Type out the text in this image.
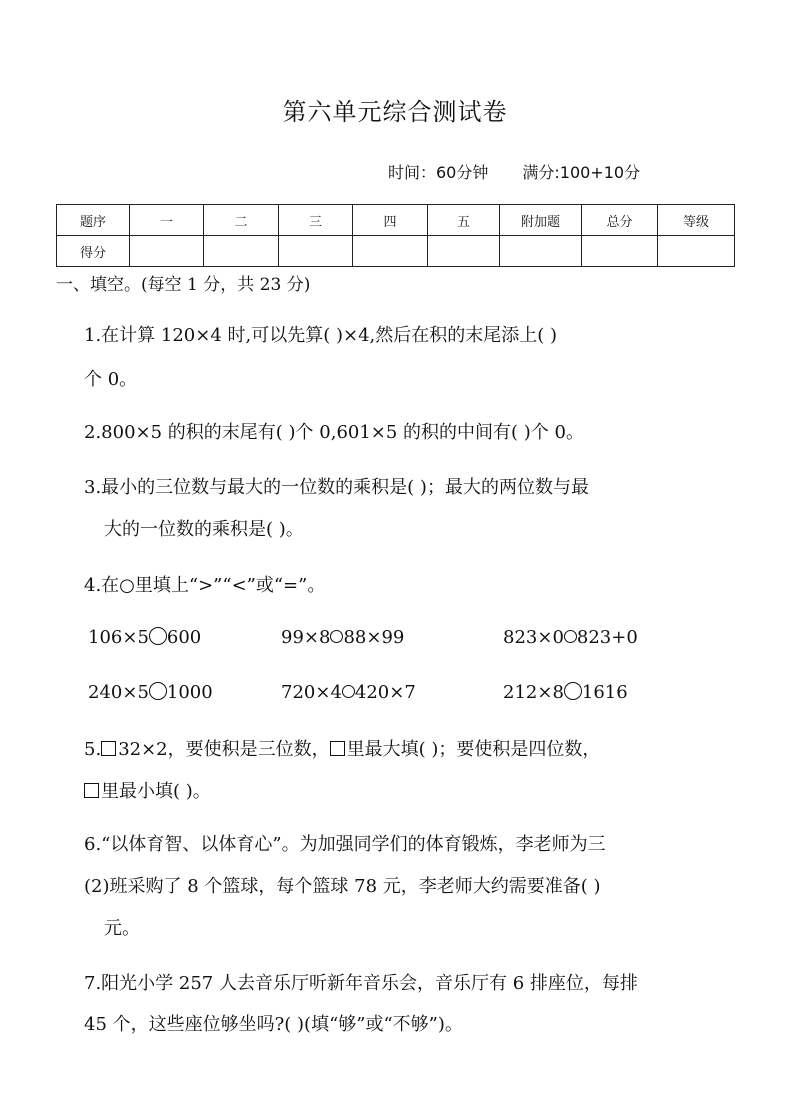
第六单元综合测试卷
时间：60分钟 满分:100+10分
题序	一	二	三	四	五	附加题	总分	等级
得分								
一、填空。(每空 1 分，共 23 分)
1.在计算 120×4 时,可以先算( )×4,然后在积的末尾添上( )
个 0。
2.800×5 的积的末尾有( )个 0,601×5 的积的中间有( )个 0。
3.最小的三位数与最大的一位数的乘积是( )；最大的两位数与最
大的一位数的乘积是( )。
4.在○里填上“>”“<”或“=”。
106×5 600	99×8 88×99	823×0 823+0
240×5 1000	720×4 420×7	212×8 1616
5. 32×2，要使积是三位数， 里最大填( )；要使积是四位数，
里最小填( )。
6.“以体育智、以体育心”。为加强同学们的体育锻炼，李老师为三
(2)班采购了 8 个篮球，每个篮球 78 元，李老师大约需要准备( )
元。
7.阳光小学 257 人去音乐厅听新年音乐会，音乐厅有 6 排座位，每排
45 个，这些座位够坐吗?( )(填“够”或“不够”)。
